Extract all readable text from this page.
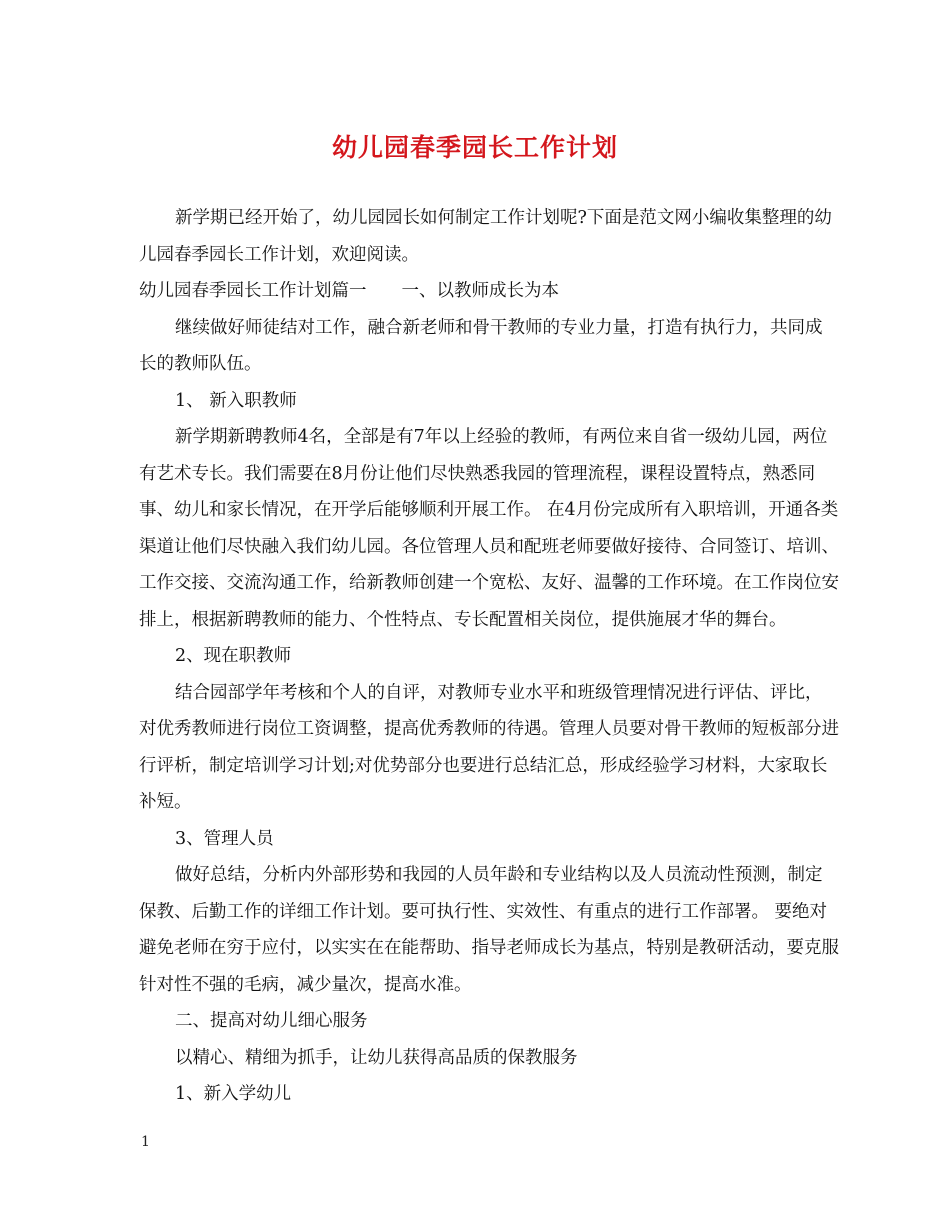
幼儿园春季园长工作计划

新学期已经开始了，幼儿园园长如何制定工作计划呢?下面是范文网小编收集整理的幼儿园春季园长工作计划，欢迎阅读。

幼儿园春季园长工作计划篇一　　一、以教师成长为本

继续做好师徒结对工作，融合新老师和骨干教师的专业力量，打造有执行力，共同成长的教师队伍。

1、 新入职教师

新学期新聘教师4名，全部是有7年以上经验的教师，有两位来自省一级幼儿园，两位有艺术专长。我们需要在8月份让他们尽快熟悉我园的管理流程，课程设置特点，熟悉同事、幼儿和家长情况，在开学后能够顺利开展工作。 在4月份完成所有入职培训，开通各类渠道让他们尽快融入我们幼儿园。各位管理人员和配班老师要做好接待、合同签订、培训、工作交接、交流沟通工作，给新教师创建一个宽松、友好、温馨的工作环境。在工作岗位安排上，根据新聘教师的能力、个性特点、专长配置相关岗位，提供施展才华的舞台。

2、现在职教师

结合园部学年考核和个人的自评，对教师专业水平和班级管理情况进行评估、评比，对优秀教师进行岗位工资调整，提高优秀教师的待遇。管理人员要对骨干教师的短板部分进行评析，制定培训学习计划;对优势部分也要进行总结汇总，形成经验学习材料，大家取长补短。

3、管理人员

做好总结，分析内外部形势和我园的人员年龄和专业结构以及人员流动性预测，制定保教、后勤工作的详细工作计划。要可执行性、实效性、有重点的进行工作部署。 要绝对避免老师在穷于应付，以实实在在能帮助、指导老师成长为基点，特别是教研活动，要克服针对性不强的毛病，减少量次，提高水准。

二、提高对幼儿细心服务

以精心、精细为抓手，让幼儿获得高品质的保教服务

1、新入学幼儿

1
